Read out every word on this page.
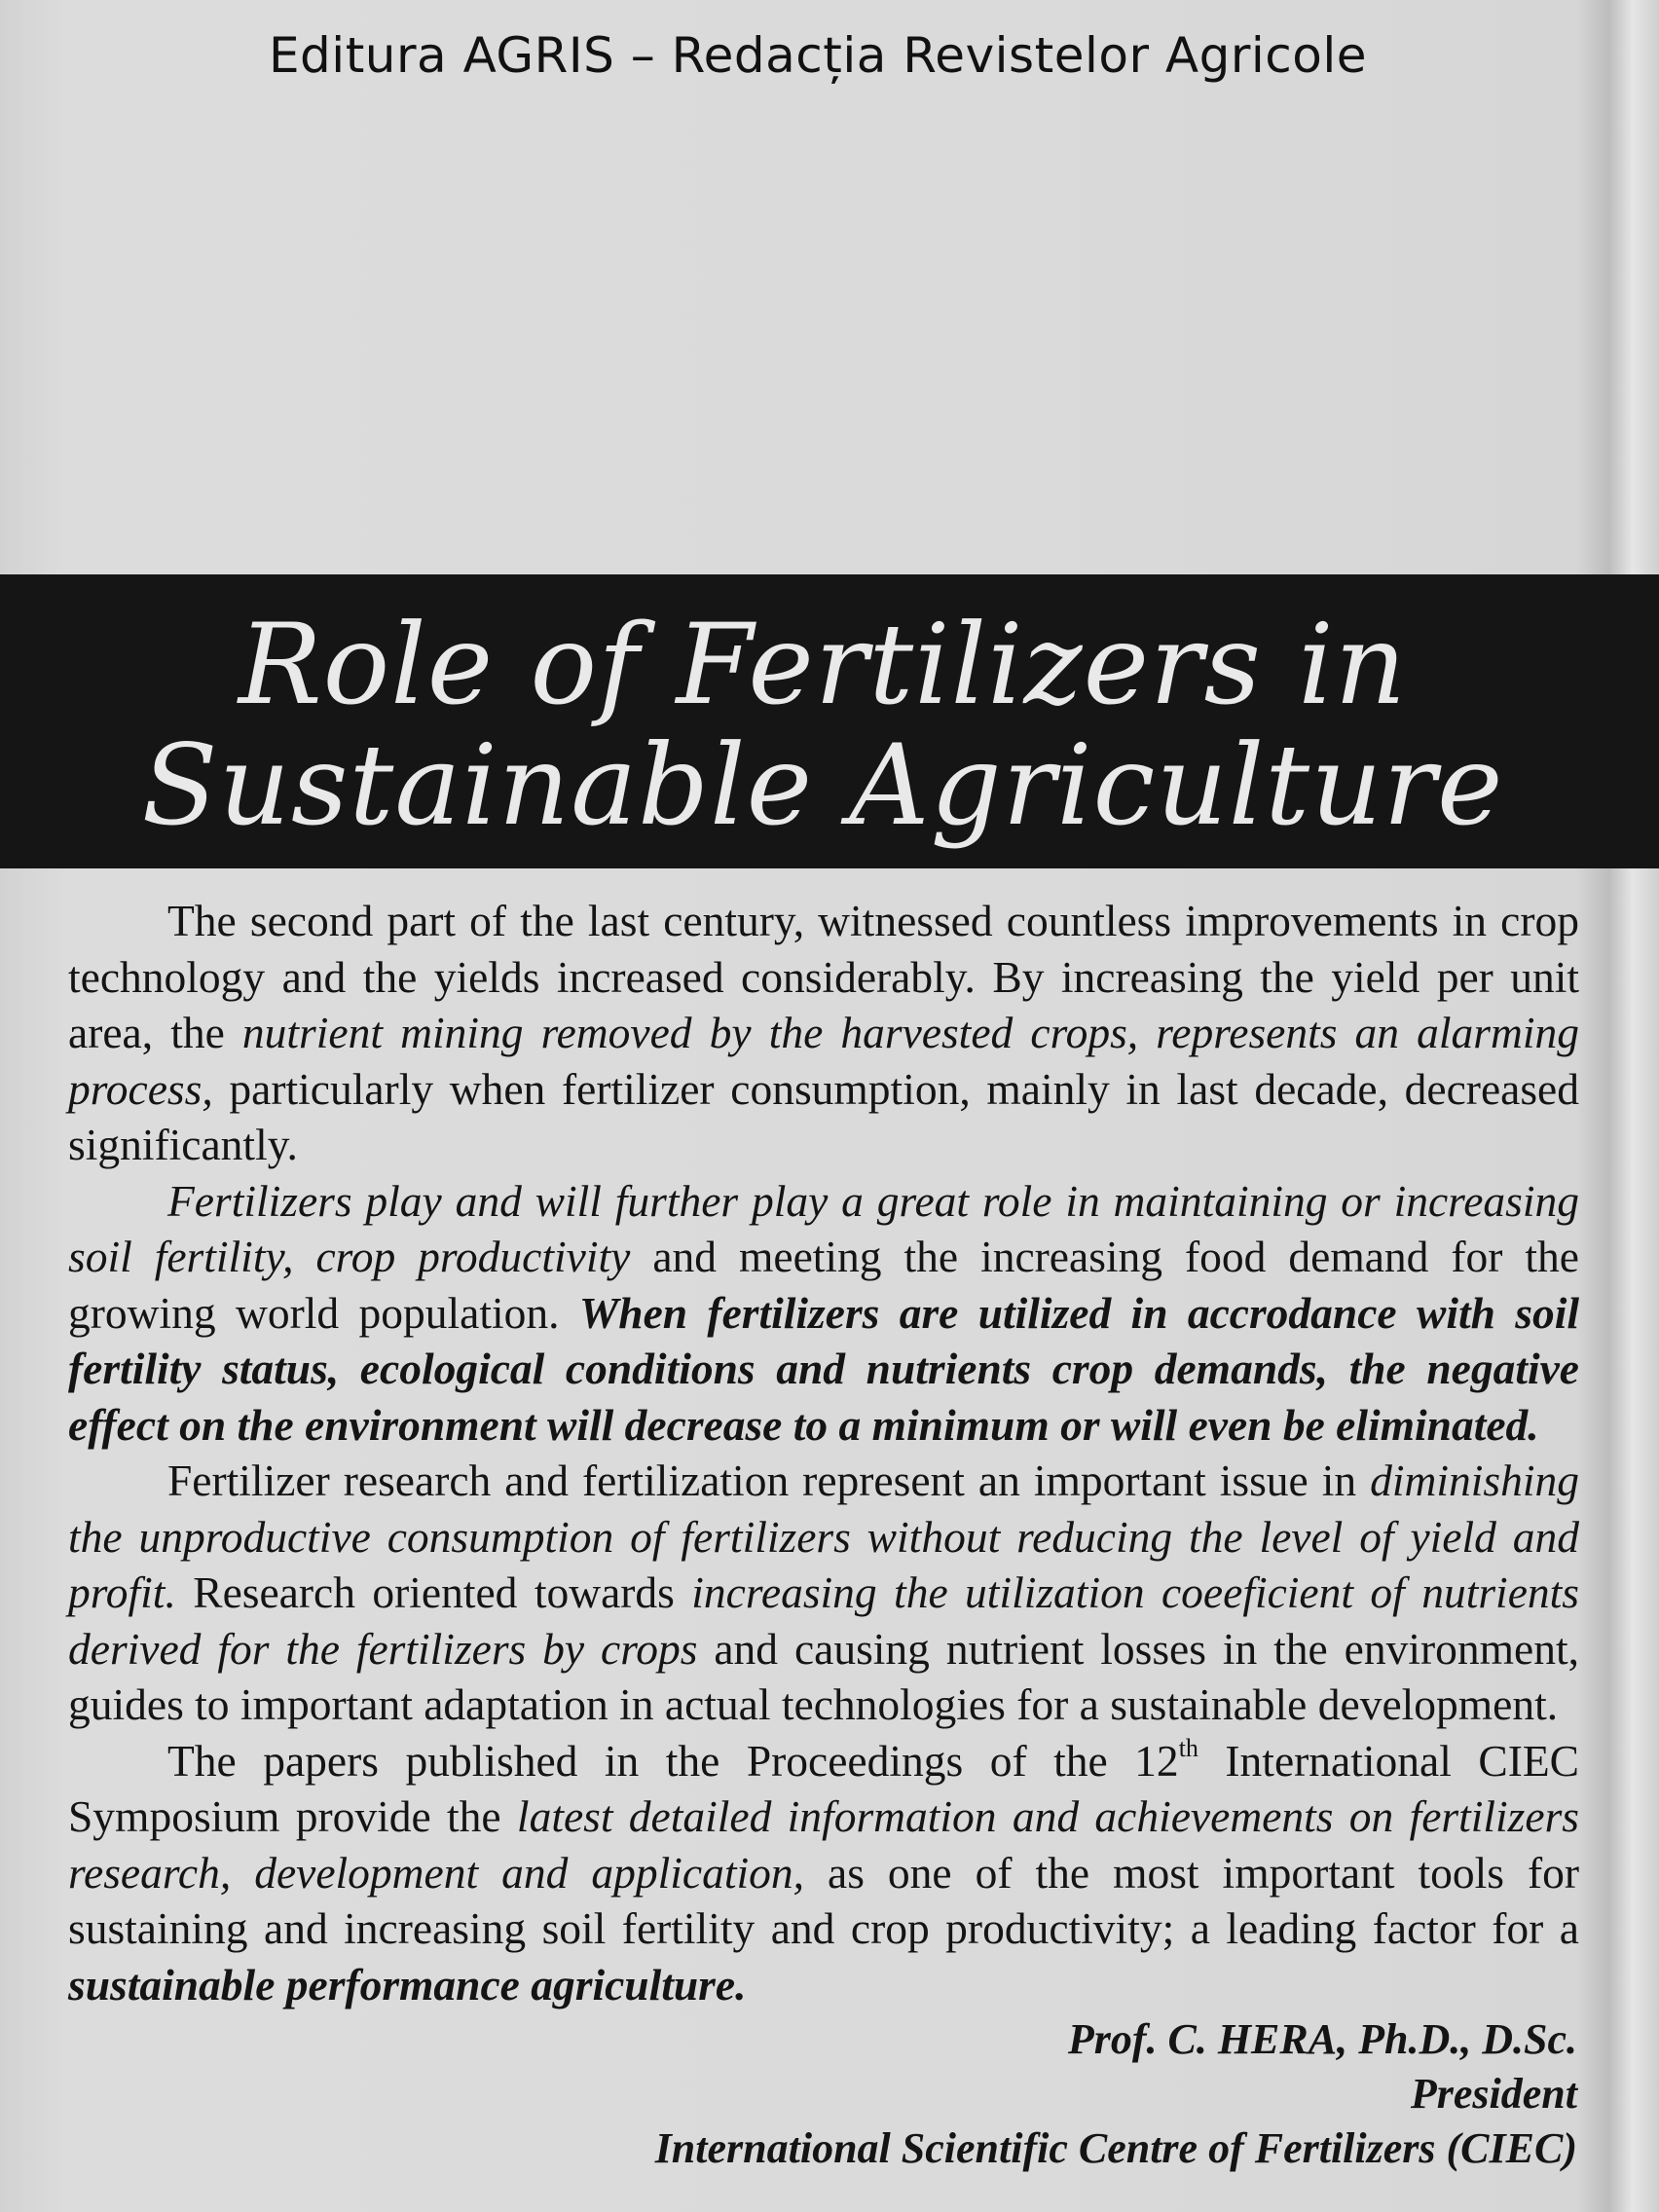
Editura AGRIS – Redacția Revistelor Agricole
Role of Fertilizers in
Sustainable Agriculture

The second part of the last century, witnessed countless improvements in crop technology and the yields increased considerably. By increasing the yield per unit area, the nutrient mining removed by the harvested crops, represents an alarming process, particularly when fertilizer consumption, mainly in last decade, decreased significantly.

Fertilizers play and will further play a great role in maintaining or increasing soil fertility, crop productivity and meeting the increasing food demand for the growing world population. When fertilizers are utilized in accrodance with soil fertility status, ecological conditions and nutrients crop demands, the negative effect on the environment will decrease to a minimum or will even be eliminated.

Fertilizer research and fertilization represent an important issue in diminishing the unproductive consumption of fertilizers without reducing the level of yield and profit. Research oriented towards increasing the utilization coeeficient of nutrients derived for the fertilizers by crops and causing nutrient losses in the environment, guides to important adaptation in actual technologies for a sustainable development.

The papers published in the Proceedings of the 12th International CIEC Symposium provide the latest detailed information and achievements on fertilizers research, development and application, as one of the most important tools for sustaining and increasing soil fertility and crop productivity; a leading factor for a sustainable performance agriculture.

Prof. C. HERA, Ph.D., D.Sc.
President
International Scientific Centre of Fertilizers (CIEC)
